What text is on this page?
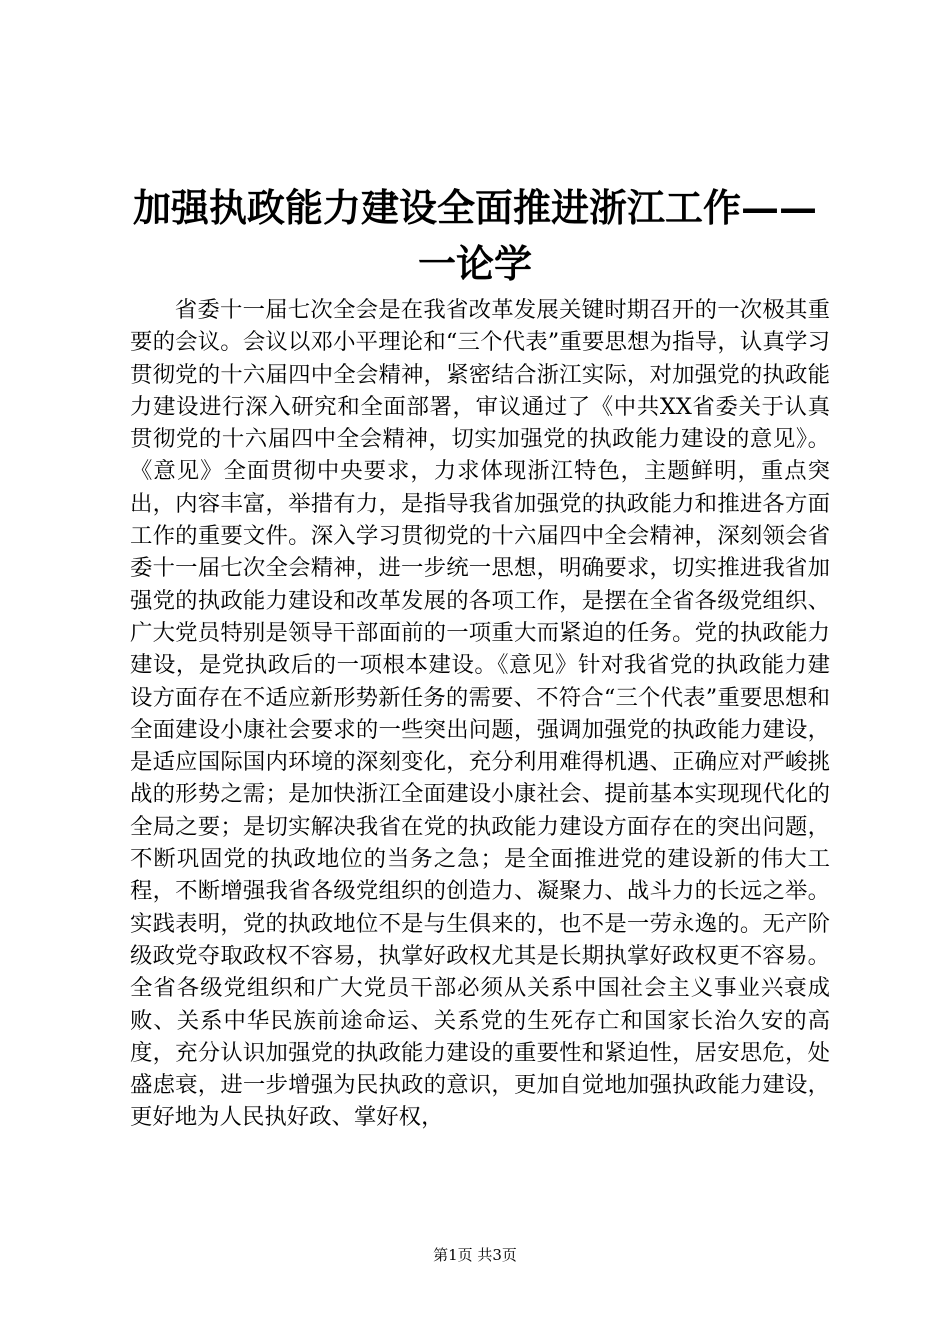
加强执政能力建设全面推进浙江工作——一论学

省委十一届七次全会是在我省改革发展关键时期召开的一次极其重要的会议。会议以邓小平理论和“三个代表”重要思想为指导，认真学习贯彻党的十六届四中全会精神，紧密结合浙江实际，对加强党的执政能力建设进行深入研究和全面部署，审议通过了《中共XX省委关于认真贯彻党的十六届四中全会精神，切实加强党的执政能力建设的意见》。《意见》全面贯彻中央要求，力求体现浙江特色，主题鲜明，重点突出，内容丰富，举措有力，是指导我省加强党的执政能力和推进各方面工作的重要文件。深入学习贯彻党的十六届四中全会精神，深刻领会省委十一届七次全会精神，进一步统一思想，明确要求，切实推进我省加强党的执政能力建设和改革发展的各项工作，是摆在全省各级党组织、广大党员特别是领导干部面前的一项重大而紧迫的任务。党的执政能力建设，是党执政后的一项根本建设。《意见》针对我省党的执政能力建设方面存在不适应新形势新任务的需要、不符合“三个代表”重要思想和全面建设小康社会要求的一些突出问题，强调加强党的执政能力建设，是适应国际国内环境的深刻变化，充分利用难得机遇、正确应对严峻挑战的形势之需；是加快浙江全面建设小康社会、提前基本实现现代化的全局之要；是切实解决我省在党的执政能力建设方面存在的突出问题，不断巩固党的执政地位的当务之急；是全面推进党的建设新的伟大工程，不断增强我省各级党组织的创造力、凝聚力、战斗力的长远之举。实践表明，党的执政地位不是与生俱来的，也不是一劳永逸的。无产阶级政党夺取政权不容易，执掌好政权尤其是长期执掌好政权更不容易。全省各级党组织和广大党员干部必须从关系中国社会主义事业兴衰成败、关系中华民族前途命运、关系党的生死存亡和国家长治久安的高度，充分认识加强党的执政能力建设的重要性和紧迫性，居安思危，处盛虑衰，进一步增强为民执政的意识，更加自觉地加强执政能力建设，更好地为人民执好政、掌好权，

第1页 共3页
